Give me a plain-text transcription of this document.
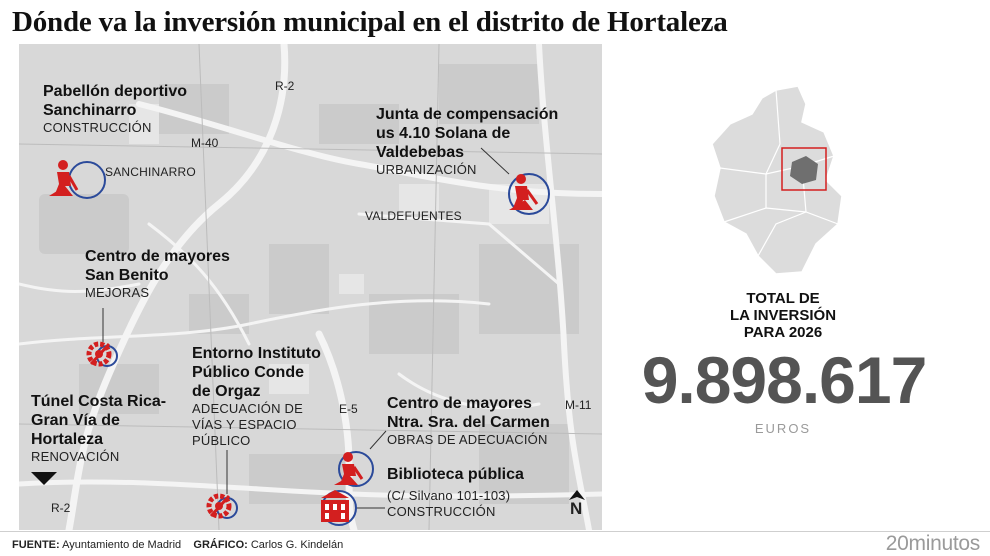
Dónde va la inversión municipal en el distrito de Hortaleza
R-2
M-40
E-5	M-11
R-2
SANCHINARRO
VALDEFUENTES
Pabellón deportivo
Sanchinarro
CONSTRUCCIÓN
Junta de compensación
us 4.10 Solana de
Valdebebas
URBANIZACIÓN
Centro de mayores
San Benito
MEJORAS
Entorno Instituto
Público Conde
de Orgaz
ADECUACIÓN DE
VÍAS Y ESPACIO
PÚBLICO
Túnel Costa Rica-
Gran Vía de
Hortaleza
RENOVACIÓN
Centro de mayores
Ntra. Sra. del Carmen
OBRAS DE ADECUACIÓN
Biblioteca pública
(C/ Silvano 101-103)
CONSTRUCCIÓN	N
TOTAL DE
LA INVERSIÓN
PARA 2026
9.898.617
EUROS
FUENTE: Ayuntamiento de Madrid GRÁFICO: Carlos G. Kindelán	20minutos
